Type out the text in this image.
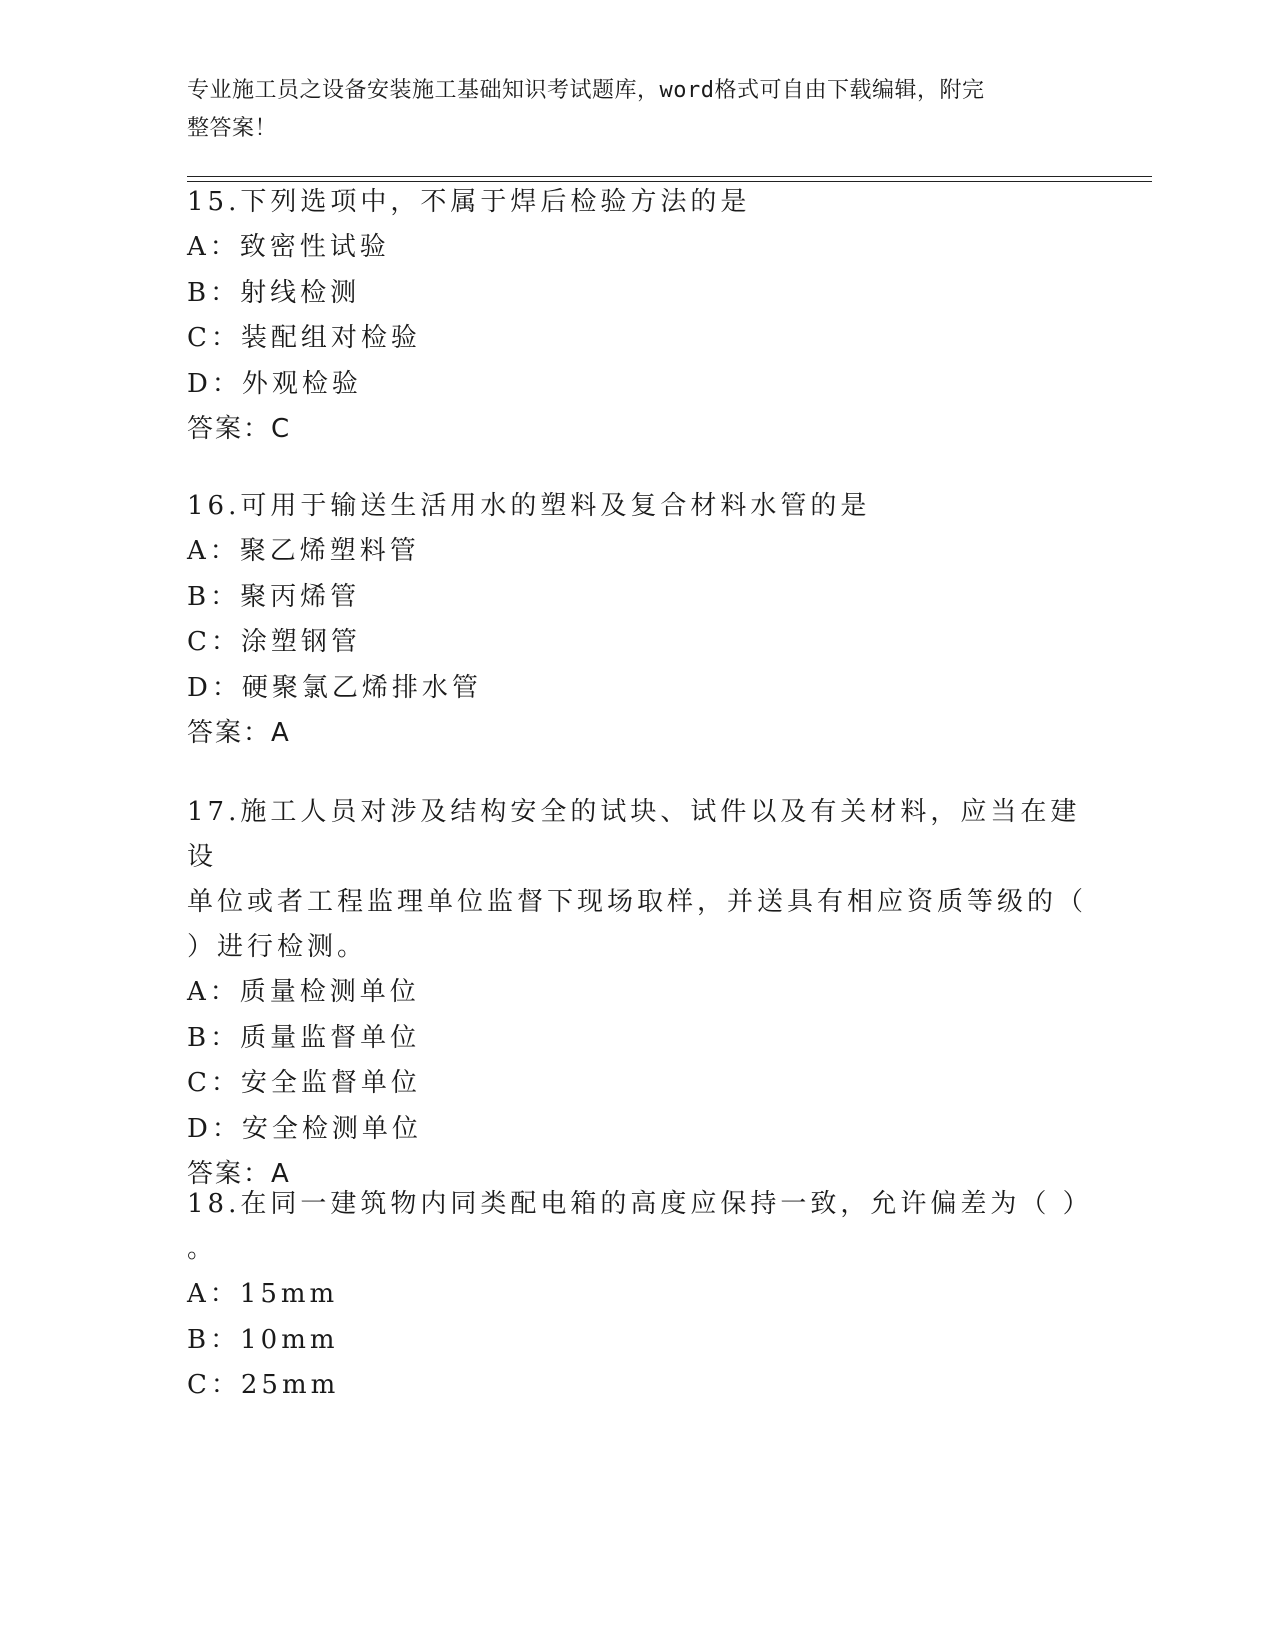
专业施工员之设备安装施工基础知识考试题库，word格式可自由下载编辑，附完
整答案！

15.下列选项中，不属于焊后检验方法的是

A：致密性试验

B：射线检测

C：装配组对检验

D：外观检验

答案：C

16.可用于输送生活用水的塑料及复合材料水管的是

A：聚乙烯塑料管

B：聚丙烯管

C：涂塑钢管

D：硬聚氯乙烯排水管

答案：A

17.施工人员对涉及结构安全的试块、试件以及有关材料，应当在建设

单位或者工程监理单位监督下现场取样，并送具有相应资质等级的（

）进行检测。

A：质量检测单位

B：质量监督单位

C：安全监督单位

D：安全检测单位

答案：A

18.在同一建筑物内同类配电箱的高度应保持一致，允许偏差为（ ）

。

A：15mm

B：10mm

C：25mm
